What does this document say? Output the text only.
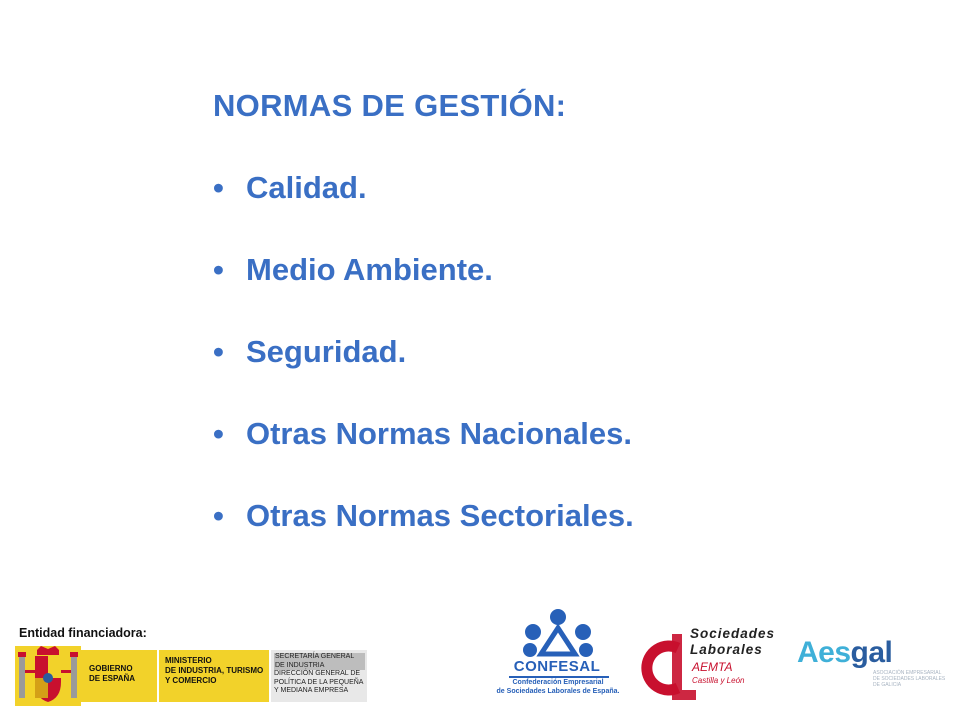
NORMAS DE GESTIÓN:
• Calidad.
• Medio Ambiente.
• Seguridad.
• Otras Normas Nacionales.
• Otras Normas Sectoriales.
Entidad financiadora:
GOBIERNO
DE ESPAÑA
MINISTERIO
DE INDUSTRIA, TURISMO
Y COMERCIO
SECRETARÍA GENERAL
DE INDUSTRIA
DIRECCIÓN GENERAL DE
POLÍTICA DE LA PEQUEÑA
Y MEDIANA EMPRESA
CONFESAL
Confederación Empresarial
de Sociedades Laborales de España.
Sociedades
Laborales
AEMTA
Castilla y León
Aesgal
ASOCIACIÓN EMPRESARIAL
DE SOCIEDADES LABORALES
DE GALICIA
